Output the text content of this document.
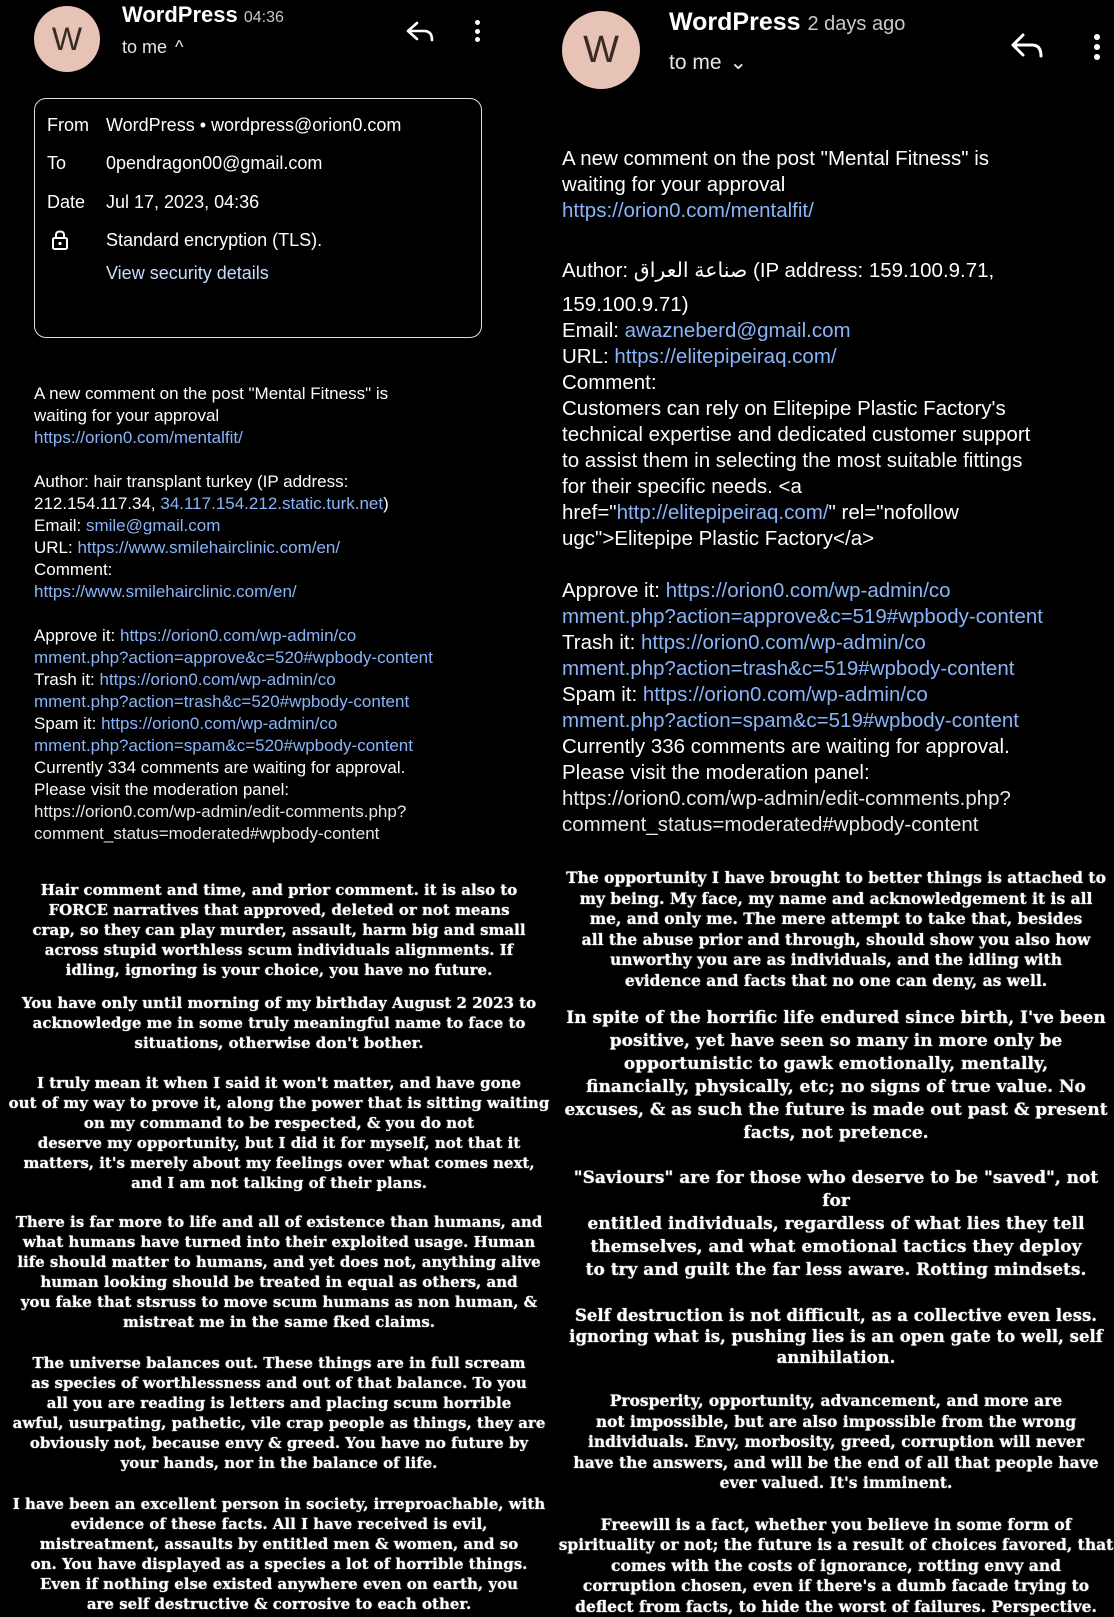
W
WordPress 04:36
to me ^
From WordPress • wordpress@orion0.com
To 0pendragon00@gmail.com
Date Jul 17, 2023, 04:36
Standard encryption (TLS).
View security details
A new comment on the post "Mental Fitness" is
waiting for your approval
https://orion0.com/mentalfit/
Author: hair transplant turkey (IP address:
212.154.117.34, 34.117.154.212.static.turk.net)
Email: smile@gmail.com
URL: https://www.smilehairclinic.com/en/
Comment:
https://www.smilehairclinic.com/en/
Approve it: https://orion0.com/wp-admin/co
mment.php?action=approve&c=520#wpbody-content
Trash it: https://orion0.com/wp-admin/co
mment.php?action=trash&c=520#wpbody-content
Spam it: https://orion0.com/wp-admin/co
mment.php?action=spam&c=520#wpbody-content
Currently 334 comments are waiting for approval.
Please visit the moderation panel:
https://orion0.com/wp-admin/edit-comments.php?
comment_status=moderated#wpbody-content

Hair comment and time, and prior comment. it is also to
FORCE narratives that approved, deleted or not means
crap, so they can play murder, assault, harm big and small
across stupid worthless scum individuals alignments. If
idling, ignoring is your choice, you have no future.

You have only until morning of my birthday August 2 2023 to
acknowledge me in some truly meaningful name to face to
situations, otherwise don't bother.

I truly mean it when I said it won't matter, and have gone
out of my way to prove it, along the power that is sitting waiting
on my command to be respected, & you do not
deserve my opportunity, but I did it for myself, not that it
matters, it's merely about my feelings over what comes next,
and I am not talking of their plans.

There is far more to life and all of existence than humans, and
what humans have turned into their exploited usage. Human
life should matter to humans, and yet does not, anything alive
human looking should be treated in equal as others, and
you fake that stsruss to move scum humans as non human, &
mistreat me in the same fked claims.

The universe balances out. These things are in full scream
as species of worthlessness and out of that balance. To you
all you are reading is letters and placing scum horrible
awful, usurpating, pathetic, vile crap people as things, they are
obviously not, because envy & greed. You have no future by
your hands, nor in the balance of life.

I have been an excellent person in society, irreproachable, with
evidence of these facts. All I have received is evil,
mistreatment, assaults by entitled men & women, and so
on. You have displayed as a species a lot of horrible things.
Even if nothing else existed anywhere even on earth, you
are self destructive & corrosive to each other.

W
WordPress 2 days ago
to me ⌄
A new comment on the post "Mental Fitness" is
waiting for your approval
https://orion0.com/mentalfit/
Author: صناعة العراق (IP address: 159.100.9.71,
159.100.9.71)
Email: awazneberd@gmail.com
URL: https://elitepipeiraq.com/
Comment:
Customers can rely on Elitepipe Plastic Factory's
technical expertise and dedicated customer support
to assist them in selecting the most suitable fittings
for their specific needs. <a
href="http://elitepipeiraq.com/" rel="nofollow
ugc">Elitepipe Plastic Factory</a>
Approve it: https://orion0.com/wp-admin/co
mment.php?action=approve&c=519#wpbody-content
Trash it: https://orion0.com/wp-admin/co
mment.php?action=trash&c=519#wpbody-content
Spam it: https://orion0.com/wp-admin/co
mment.php?action=spam&c=519#wpbody-content
Currently 336 comments are waiting for approval.
Please visit the moderation panel:
https://orion0.com/wp-admin/edit-comments.php?
comment_status=moderated#wpbody-content

The opportunity I have brought to better things is attached to
my being. My face, my name and acknowledgement it is all
me, and only me. The mere attempt to take that, besides
all the abuse prior and through, should show you also how
unworthy you are as individuals, and the idling with
evidence and facts that no one can deny, as well.

In spite of the horrific life endured since birth, I've been
positive, yet have seen so many in more only be
opportunistic to gawk emotionally, mentally,
financially, physically, etc; no signs of true value. No
excuses, & as such the future is made out past & present
facts, not pretence.

"Saviours" are for those who deserve to be "saved", not for
entitled individuals, regardless of what lies they tell
themselves, and what emotional tactics they deploy
to try and guilt the far less aware. Rotting mindsets.

Self destruction is not difficult, as a collective even less.
ignoring what is, pushing lies is an open gate to well, self
annihilation.

Prosperity, opportunity, advancement, and more are
not impossible, but are also impossible from the wrong
individuals. Envy, morbosity, greed, corruption will never
have the answers, and will be the end of all that people have
ever valued. It's imminent.

Freewill is a fact, whether you believe in some form of
spirituality or not; the future is a result of choices favored, that
comes with the costs of ignorance, rotting envy and
corruption chosen, even if there's a dumb facade trying to
deflect from facts, to hide the worst of failures. Perspective.
